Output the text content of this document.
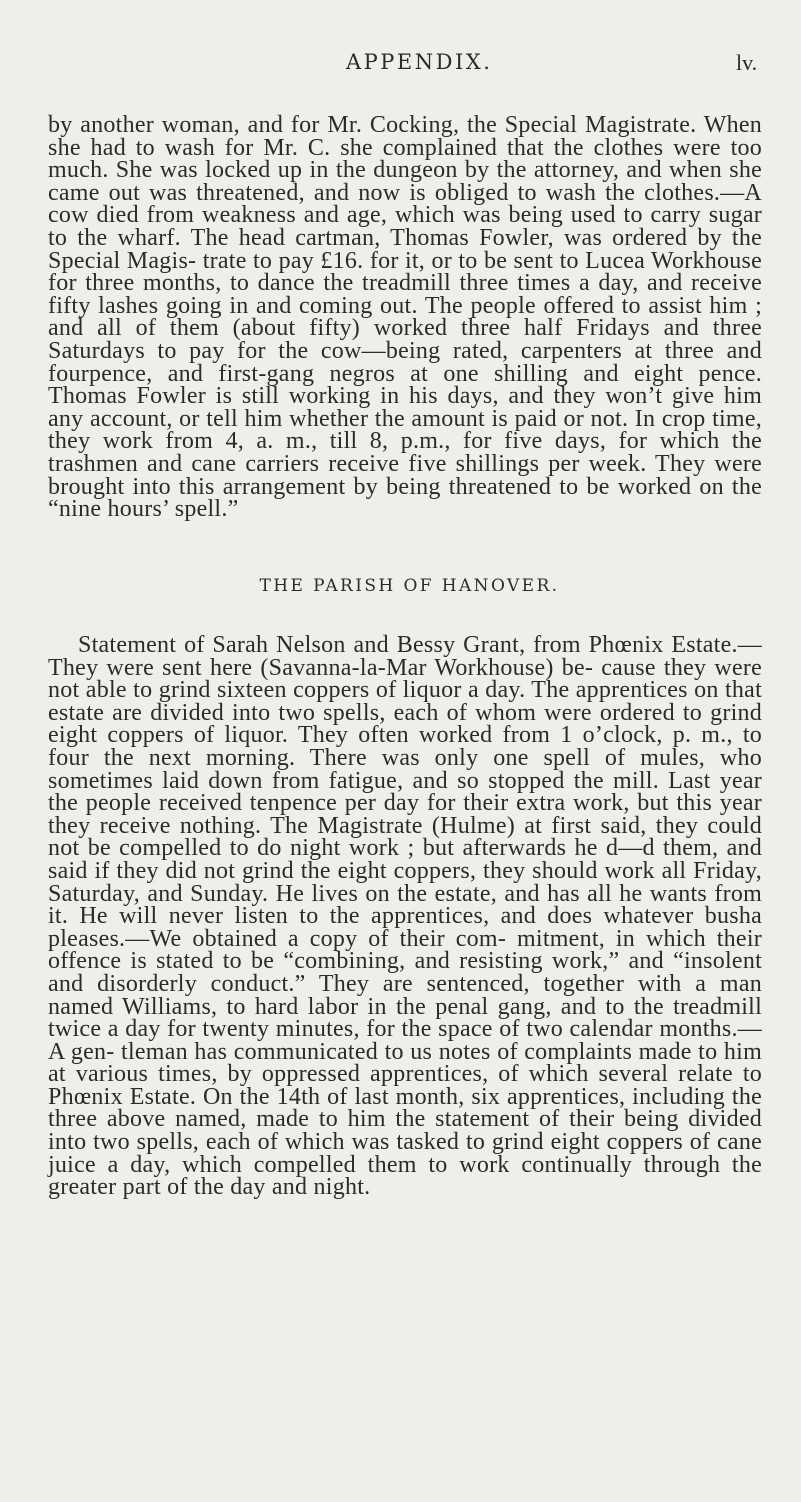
APPENDIX.	lv.

by another woman, and for Mr. Cocking, the Special Magistrate. When she had to wash for Mr. C. she complained that the clothes were too much. She was locked up in the dungeon by the attorney, and when she came out was threatened, and now is obliged to wash the clothes.—A cow died from weakness and age, which was being used to carry sugar to the wharf. The head cartman, Thomas Fowler, was ordered by the Special Magis- trate to pay £16. for it, or to be sent to Lucea Workhouse for three months, to dance the treadmill three times a day, and receive fifty lashes going in and coming out. The people offered to assist him ; and all of them (about fifty) worked three half Fridays and three Saturdays to pay for the cow—being rated, carpenters at three and fourpence, and first-gang negros at one shilling and eight pence. Thomas Fowler is still working in his days, and they won’t give him any account, or tell him whether the amount is paid or not. In crop time, they work from 4, a. m., till 8, p.m., for five days, for which the trashmen and cane carriers receive five shillings per week. They were brought into this arrangement by being threatened to be worked on the “nine hours’ spell.”

THE PARISH OF HANOVER.

Statement of Sarah Nelson and Bessy Grant, from Phœnix Estate.—They were sent here (Savanna-la-Mar Workhouse) be- cause they were not able to grind sixteen coppers of liquor a day. The apprentices on that estate are divided into two spells, each of whom were ordered to grind eight coppers of liquor. They often worked from 1 o’clock, p. m., to four the next morning. There was only one spell of mules, who sometimes laid down from fatigue, and so stopped the mill. Last year the people received tenpence per day for their extra work, but this year they receive nothing. The Magistrate (Hulme) at first said, they could not be compelled to do night work ; but afterwards he d—d them, and said if they did not grind the eight coppers, they should work all Friday, Saturday, and Sunday. He lives on the estate, and has all he wants from it. He will never listen to the apprentices, and does whatever busha pleases.—We obtained a copy of their com- mitment, in which their offence is stated to be “combining, and resisting work,” and “insolent and disorderly conduct.” They are sentenced, together with a man named Williams, to hard labor in the penal gang, and to the treadmill twice a day for twenty minutes, for the space of two calendar months.—A gen- tleman has communicated to us notes of complaints made to him at various times, by oppressed apprentices, of which several relate to Phœnix Estate. On the 14th of last month, six apprentices, including the three above named, made to him the statement of their being divided into two spells, each of which was tasked to grind eight coppers of cane juice a day, which compelled them to work continually through the greater part of the day and night.
